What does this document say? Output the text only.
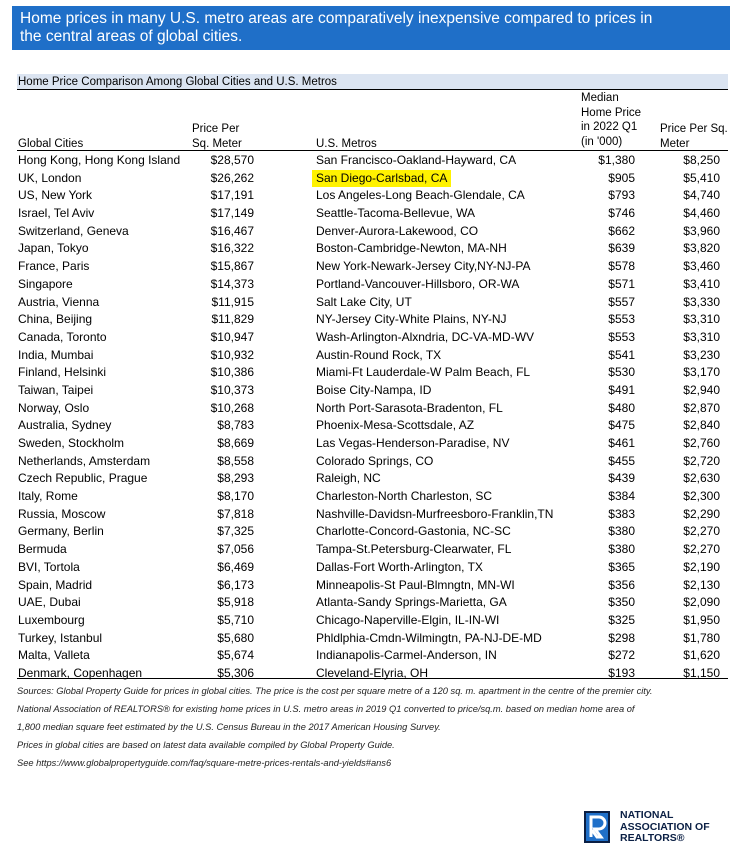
Home prices in many U.S. metro areas are comparatively inexpensive compared to prices in
the central areas of global cities.
Home Price Comparison Among Global Cities and U.S. Metros
Global Cities
Price Per
Sq. Meter	U.S. Metros
Median
Home Price
in 2022 Q1
(in '000)
Price Per Sq.
Meter
Hong Kong, Hong Kong Island	$28,570	San Francisco-Oakland-Hayward, CA	$1,380	$8,250
UK, London	$26,262	San Diego-Carlsbad, CA	$905	$5,410
US, New York	$17,191	Los Angeles-Long Beach-Glendale, CA	$793	$4,740
Israel, Tel Aviv	$17,149	Seattle-Tacoma-Bellevue, WA	$746	$4,460
Switzerland, Geneva	$16,467	Denver-Aurora-Lakewood, CO	$662	$3,960
Japan, Tokyo	$16,322	Boston-Cambridge-Newton, MA-NH	$639	$3,820
France, Paris	$15,867	New York-Newark-Jersey City,NY-NJ-PA	$578	$3,460
Singapore	$14,373	Portland-Vancouver-Hillsboro, OR-WA	$571	$3,410
Austria, Vienna	$11,915	Salt Lake City, UT	$557	$3,330
China, Beijing	$11,829	NY-Jersey City-White Plains, NY-NJ	$553	$3,310
Canada, Toronto	$10,947	Wash-Arlington-Alxndria, DC-VA-MD-WV	$553	$3,310
India, Mumbai	$10,932	Austin-Round Rock, TX	$541	$3,230
Finland, Helsinki	$10,386	Miami-Ft Lauderdale-W Palm Beach, FL	$530	$3,170
Taiwan, Taipei	$10,373	Boise City-Nampa, ID	$491	$2,940
Norway, Oslo	$10,268	North Port-Sarasota-Bradenton, FL	$480	$2,870
Australia, Sydney	$8,783	Phoenix-Mesa-Scottsdale, AZ	$475	$2,840
Sweden, Stockholm	$8,669	Las Vegas-Henderson-Paradise, NV	$461	$2,760
Netherlands, Amsterdam	$8,558	Colorado Springs, CO	$455	$2,720
Czech Republic, Prague	$8,293	Raleigh, NC	$439	$2,630
Italy, Rome	$8,170	Charleston-North Charleston, SC	$384	$2,300
Russia, Moscow	$7,818	Nashville-Davidsn-Murfreesboro-Franklin,TN	$383	$2,290
Germany, Berlin	$7,325	Charlotte-Concord-Gastonia, NC-SC	$380	$2,270
Bermuda	$7,056	Tampa-St.Petersburg-Clearwater, FL	$380	$2,270
BVI, Tortola	$6,469	Dallas-Fort Worth-Arlington, TX	$365	$2,190
Spain, Madrid	$6,173	Minneapolis-St Paul-Blmngtn, MN-WI	$356	$2,130
UAE, Dubai	$5,918	Atlanta-Sandy Springs-Marietta, GA	$350	$2,090
Luxembourg	$5,710	Chicago-Naperville-Elgin, IL-IN-WI	$325	$1,950
Turkey, Istanbul	$5,680	Phldlphia-Cmdn-Wilmingtn, PA-NJ-DE-MD	$298	$1,780
Malta, Valleta	$5,674	Indianapolis-Carmel-Anderson, IN	$272	$1,620
Denmark, Copenhagen	$5,306	Cleveland-Elyria, OH	$193	$1,150
Sources: Global Property Guide for prices in global cities. The price is the cost per square metre of a 120 sq. m. apartment in the centre of the premier city.
National Association of REALTORS® for existing home prices in U.S. metro areas in 2019 Q1 converted to price/sq.m. based on median home area of
1,800 median square feet estimated by the U.S. Census Bureau in the 2017 American Housing Survey.
Prices in global cities are based on latest data available compiled by Global Property Guide.
See https://www.globalpropertyguide.com/faq/square-metre-prices-rentals-and-yields#ans6
NATIONAL
ASSOCIATION OF
REALTORS®
